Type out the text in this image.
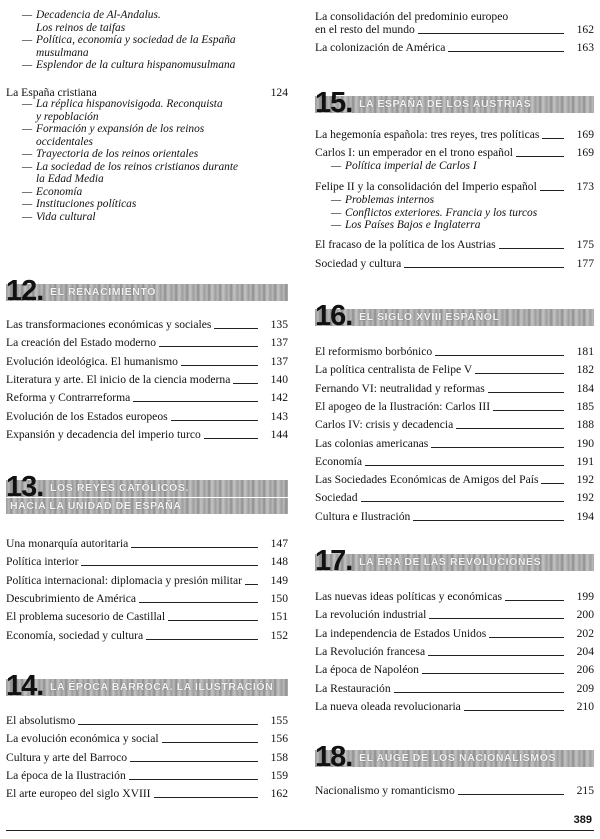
— Decadencia de Al-Andalus.
Los reinos de taifas
— Política, economía y sociedad de la España
musulmana
— Esplendor de la cultura hispanomusulmana
La España cristiana	124
— La réplica hispanovisigoda. Reconquista
y repoblación
— Formación y expansión de los reinos
occidentales
— Trayectoria de los reinos orientales
— La sociedad de los reinos cristianos durante
la Edad Media
— Economía
— Instituciones políticas
— Vida cultural
12. EL RENACIMIENTO
Las transformaciones económicas y sociales	135
La creación del Estado moderno	137
Evolución ideológica. El humanismo	137
Literatura y arte. El inicio de la ciencia moderna	140
Reforma y Contrarreforma	142
Evolución de los Estados europeos	143
Expansión y decadencia del imperio turco	144
13. LOS REYES CATÓLICOS.
HACIA LA UNIDAD DE ESPAÑA
Una monarquía autoritaria	147
Política interior	148
Política internacional: diplomacia y presión militar	149
Descubrimiento de América	150
El problema sucesorio de Castillal	151
Economía, sociedad y cultura	152
14. LA ÉPOCA BARROCA. LA ILUSTRACIÓN
El absolutismo	155
La evolución económica y social	156
Cultura y arte del Barroco	158
La época de la Ilustración	159
El arte europeo del siglo XVIII	162
La consolidación del predominio europeo
en el resto del mundo	162
La colonización de América	163
15. LA ESPAÑA DE LOS AUSTRIAS
La hegemonía española: tres reyes, tres políticas	169
Carlos I: un emperador en el trono español	169
— Política imperial de Carlos I
Felipe II y la consolidación del Imperio español	173
— Problemas internos
— Conflictos exteriores. Francia y los turcos
— Los Países Bajos e Inglaterra
El fracaso de la política de los Austrias	175
Sociedad y cultura	177
16. EL SIGLO XVIII ESPAÑOL
El reformismo borbónico	181
La política centralista de Felipe V	182
Fernando VI: neutralidad y reformas	184
El apogeo de la Ilustración: Carlos III	185
Carlos IV: crisis y decadencia	188
Las colonias americanas	190
Economía	191
Las Sociedades Económicas de Amigos del País	192
Sociedad	192
Cultura e Ilustración	194
17. LA ERA DE LAS REVOLUCIONES
Las nuevas ideas políticas y económicas	199
La revolución industrial	200
La independencia de Estados Unidos	202
La Revolución francesa	204
La época de Napoléon	206
La Restauración	209
La nueva oleada revolucionaria	210
18. EL AUGE DE LOS NACIONALISMOS
Nacionalismo y romanticismo	215
389
